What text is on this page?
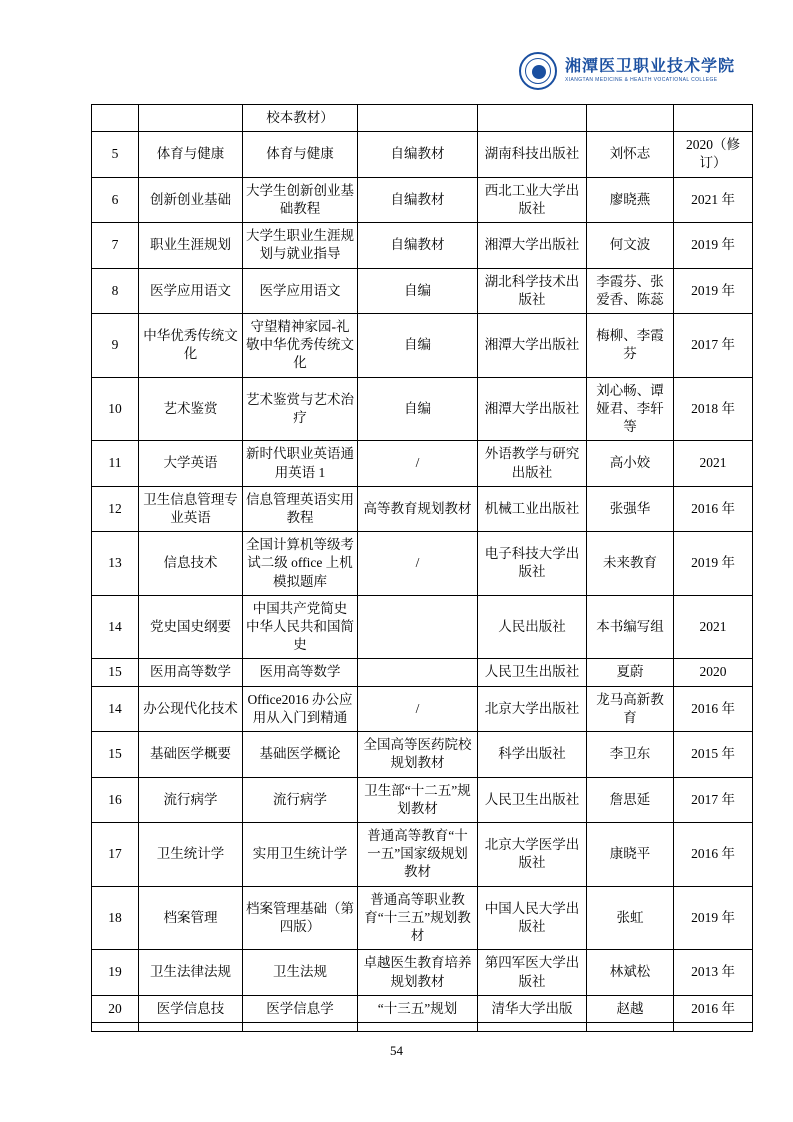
湘潭医卫职业技术学院
XIANGTAN MEDICINE & HEALTH VOCATIONAL COLLEGE
		校本教材）				
5	体育与健康	体育与健康	自编教材	湖南科技出版社	刘怀志	2020（修订）
6	创新创业基础	大学生创新创业基础教程	自编教材	西北工业大学出版社	廖晓燕	2021 年
7	职业生涯规划	大学生职业生涯规划与就业指导	自编教材	湘潭大学出版社	何文波	2019 年
8	医学应用语文	医学应用语文	自编	湖北科学技术出版社	李霞芬、张爱香、陈蕊	2019 年
9	中华优秀传统文化	守望精神家园-礼敬中华优秀传统文化	自编	湘潭大学出版社	梅柳、李霞芬	2017 年
10	艺术鉴赏	艺术鉴赏与艺术治疗	自编	湘潭大学出版社	刘心畅、谭娅君、李轩等	2018 年
11	大学英语	新时代职业英语通用英语 1	/	外语教学与研究出版社	高小姣	2021
12	卫生信息管理专业英语	信息管理英语实用教程	高等教育规划教材	机械工业出版社	张强华	2016 年
13	信息技术	全国计算机等级考试二级 office 上机模拟题库	/	电子科技大学出版社	未来教育	2019 年
14	党史国史纲要	中国共产党简史 中华人民共和国简史		人民出版社	本书编写组	2021
15	医用高等数学	医用高等数学		人民卫生出版社	夏蔚	2020
14	办公现代化技术	Office2016 办公应用从入门到精通	/	北京大学出版社	龙马高新教育	2016 年
15	基础医学概要	基础医学概论	全国高等医药院校规划教材	科学出版社	李卫东	2015 年
16	流行病学	流行病学	卫生部“十二五”规划教材	人民卫生出版社	詹思延	2017 年
17	卫生统计学	实用卫生统计学	普通高等教育“十一五”国家级规划教材	北京大学医学出版社	康晓平	2016 年
18	档案管理	档案管理基础（第四版）	普通高等职业教育“十三五”规划教材	中国人民大学出版社	张虹	2019 年
19	卫生法律法规	卫生法规	卓越医生教育培养规划教材	第四军医大学出版社	林斌松	2013 年
20	医学信息技	医学信息学	“十三五”规划	清华大学出版	赵越	2016 年

54
